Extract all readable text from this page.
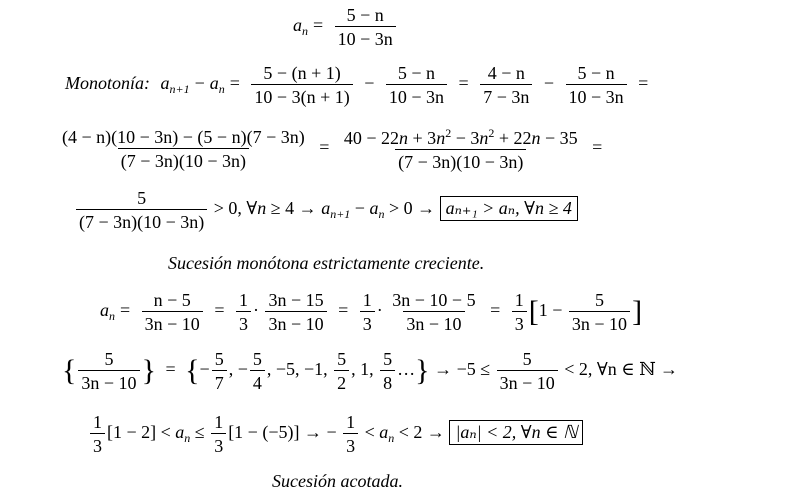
$a_n = \frac{5 - n}{10 - 3n}$
Monotonía: $a_{n+1} - a_n = \frac{5 - (n + 1)}{10 - 3(n + 1)} - \frac{5 - n}{10 - 3n} = \frac{4 - n}{7 - 3n} - \frac{5 - n}{10 - 3n}$ =
$\frac{(4 - n)(10 - 3n) - (5 - n)(7 - 3n)}{(7 - 3n)(10 - 3n)} = \frac{40 - 22n + 3n^2 - 3n^2 + 22n - 35}{(7 - 3n)(10 - 3n)}$ =
$\frac{5}{(7 - 3n)(10 - 3n)} > 0$, ∀n ≥ $4 \to a_{n+1} - a_n > 0 \to a_{n+1} > a_n$, ∀n ≥ 4
Sucesión monótona estrictamente creciente.
$a_n = \frac{n - 5}{3n - 10} = \frac{1}{3} \cdot \frac{3n - 15}{3n - 10} = \frac{1}{3} \cdot \frac{3n - 10 - 5}{3n - 10} = \frac{1}{3} [1 - \frac{5}{3n - 10}$ ]
{ $\frac{5}{3n - 10}$ } = {− $\frac{5}{7}$ , − $\frac{5}{4}$ , −5, −1, $\frac{5}{2}$ , 1, $\frac{5}{8}$ …} → $-5 \le \frac{5}{3n - 10} < 2$, ∀n ∈ ℕ →
$\frac{1}{3} [1 - 2] < a_n \le \frac{1}{3} [1 - (-5)]$ → − $\frac{1}{3} < a_n < 2 \to |a_n| < 2$, ∀n ∈ ℕ
Sucesión acotada.
